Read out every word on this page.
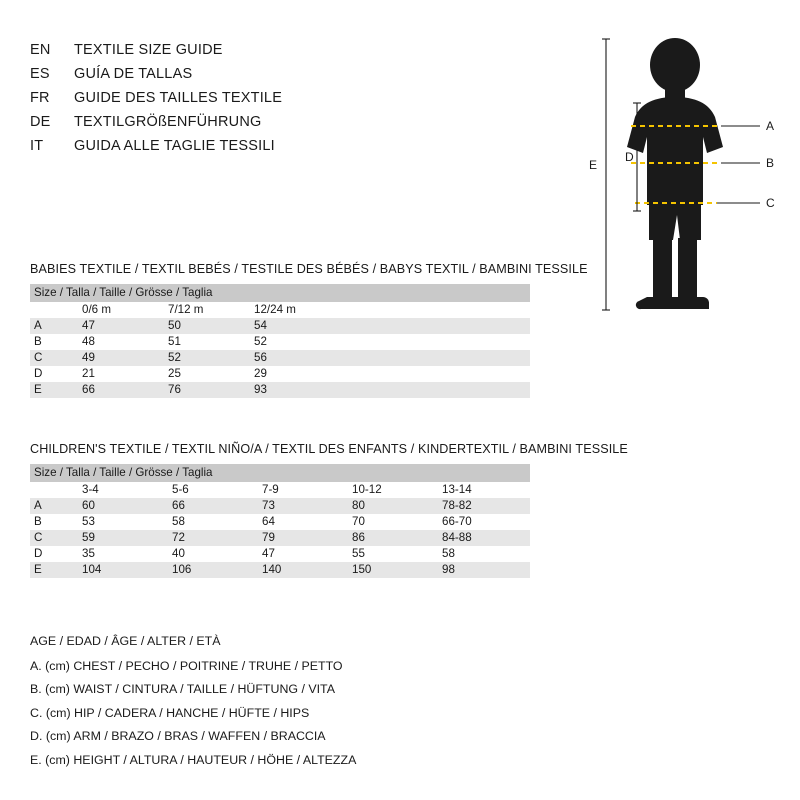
EN	TEXTILE SIZE GUIDE
ES	GUÍA DE TALLAS
FR	GUIDE DES TAILLES TEXTILE
DE	TEXTILGRÖßENFÜHRUNG
IT	GUIDA ALLE TAGLIE TESSILI
A
B
C
D
E
BABIES TEXTILE / TEXTIL BEBÉS / TESTILE DES BÉBÉS / BABYS TEXTIL / BAMBINI TESSILE
Size / Talla / Taille / Grösse / Taglia			
	0/6 m	7/12 m	12/24 m
A	47	50	54
B	48	51	52
C	49	52	56
D	21	25	29
E	66	76	93
CHILDREN'S TEXTILE / TEXTIL NIÑO/A / TEXTIL DES ENFANTS / KINDERTEXTIL / BAMBINI TESSILE
Size / Talla / Taille / Grösse / Taglia					
	3-4	5-6	7-9	10-12	13-14
A	60	66	73	80	78-82
B	53	58	64	70	66-70
C	59	72	79	86	84-88
D	35	40	47	55	58
E	104	106	140	150	98
AGE / EDAD / ÂGE / ALTER / ETÀ
A. (cm) CHEST / PECHO / POITRINE / TRUHE / PETTO
B. (cm) WAIST / CINTURA / TAILLE / HÜFTUNG / VITA
C. (cm) HIP / CADERA / HANCHE / HÜFTE / HIPS
D. (cm) ARM / BRAZO / BRAS / WAFFEN / BRACCIA
E. (cm) HEIGHT / ALTURA / HAUTEUR / HÖHE / ALTEZZA
